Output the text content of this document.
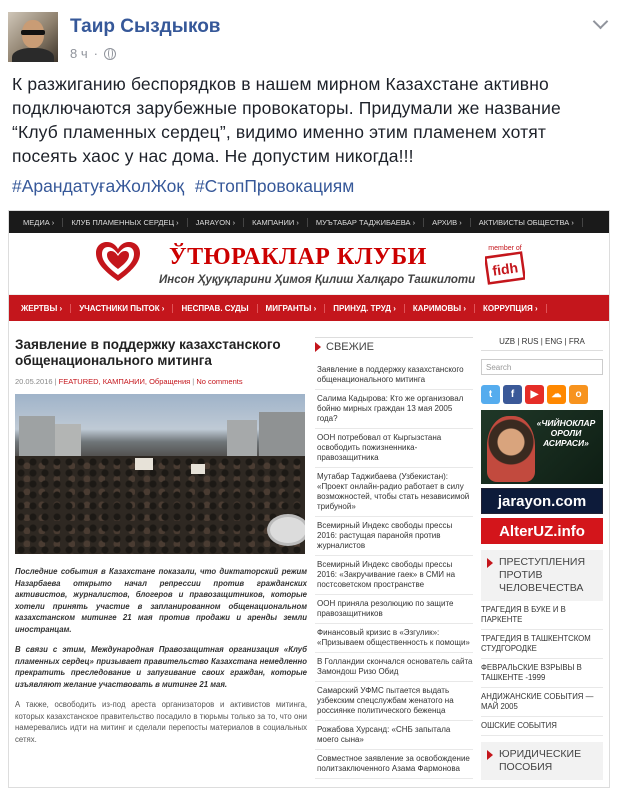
Таир Сыздыков
8 ч ·
К разжиганию беспорядков в нашем мирном Казахстане активно подключаются зарубежные провокаторы. Придумали же название “Клуб пламенных сердец”, видимо именно этим пламенем хотят посеять хаос у нас дома. Не допустим никогда!!!
#АрандатуғаЖолЖоқ #СтопПровокациям
МЕДИА ›	КЛУБ ПЛАМЕННЫХ СЕРДЕЦ ›	JARAYON ›	КАМПАНИИ ›	МУЪТАБАР ТАДЖИБАЕВА ›	АРХИВ ›	АКТИВИСТЫ ОБЩЕСТВА ›
ЎТЮРАКЛАР КЛУБИ
Инсон Ҳуқуқларини Ҳимоя Қилиш Халқаро Ташкилоти
member of
fidh
ЖЕРТВЫ ›	УЧАСТНИКИ ПЫТОК ›	НЕСПРАВ. СУДЫ	МИГРАНТЫ ›	ПРИНУД. ТРУД ›	КАРИМОВЫ ›	КОРРУПЦИЯ ›
Заявление в поддержку казахстанского общенационального митинга
20.05.2016 | FEATURED, КАМПАНИИ, Обращения | No comments
Последние события в Казахстане показали, что диктаторский режим Назарбаева открыто начал репрессии против гражданских активистов, журналистов, блогеров и правозащитников, которые хотели принять участие в запланированном общенациональном казахстанском митинге 21 мая против продажи и аренды земли иностранцам.
В связи с этим, Международная Правозащитная организация «Клуб пламенных сердец» призывает правительство Казахстана немедленно прекратить преследование и запугивание своих граждан, которые изъявляют желание участвовать в митинге 21 мая.
А также, освободить из-под ареста организаторов и активистов митинга, которых казахстанское правительство посадило в тюрьмы только за то, что они намеревались идти на митинг и сделали перепосты материалов в социальных сетях.
СВЕЖИЕ
Заявление в поддержку казахстанского общенационального митинга
Салима Кадырова: Кто же организовал бойню мирных граждан 13 мая 2005 года?
ООН потребовал от Кыргызстана освободить пожизненника-правозащитника
Мутабар Таджибаева (Узбекистан): «Проект онлайн-радио работает в силу возможностей, чтобы стать независимой трибуной»
Всемирный Индекс свободы прессы 2016: растущая паранойя против журналистов
Всемирный Индекс свободы прессы 2016: «Закручивание гаек» в СМИ на постсоветском пространстве
ООН приняла резолюцию по защите правозащитников
Финансовый кризис в «Эзгулик»: «Призываем общественность к помощи»
В Голландии скончался основатель сайта Замондош Ризо Обид
Самарский УФМС пытается выдать узбекским спецслужбам женатого на россиянке политического беженца
Рожабова Хурсанд: «СНБ запытала моего сына»
Совместное заявление за освобождение политзаключенного Азама Фармонова
UZB | RUS | ENG | FRA
Search
t	f	▶	☁	о
«ЧИЙНОКЛАР ОРОЛИ АСИРАСИ»
jarayon.com
AlterUZ.info
ПРЕСТУПЛЕНИЯ ПРОТИВ ЧЕЛОВЕЧЕСТВА
ТРАГЕДИЯ В БУКЕ И В ПАРКЕНТЕ
ТРАГЕДИЯ В ТАШКЕНТСКОМ СТУДГОРОДКЕ
ФЕВРАЛЬСКИЕ ВЗРЫВЫ В ТАШКЕНТЕ -1999
АНДИЖАНСКИЕ СОБЫТИЯ — МАЙ 2005
ОШСКИЕ СОБЫТИЯ
ЮРИДИЧЕСКИЕ ПОСОБИЯ
